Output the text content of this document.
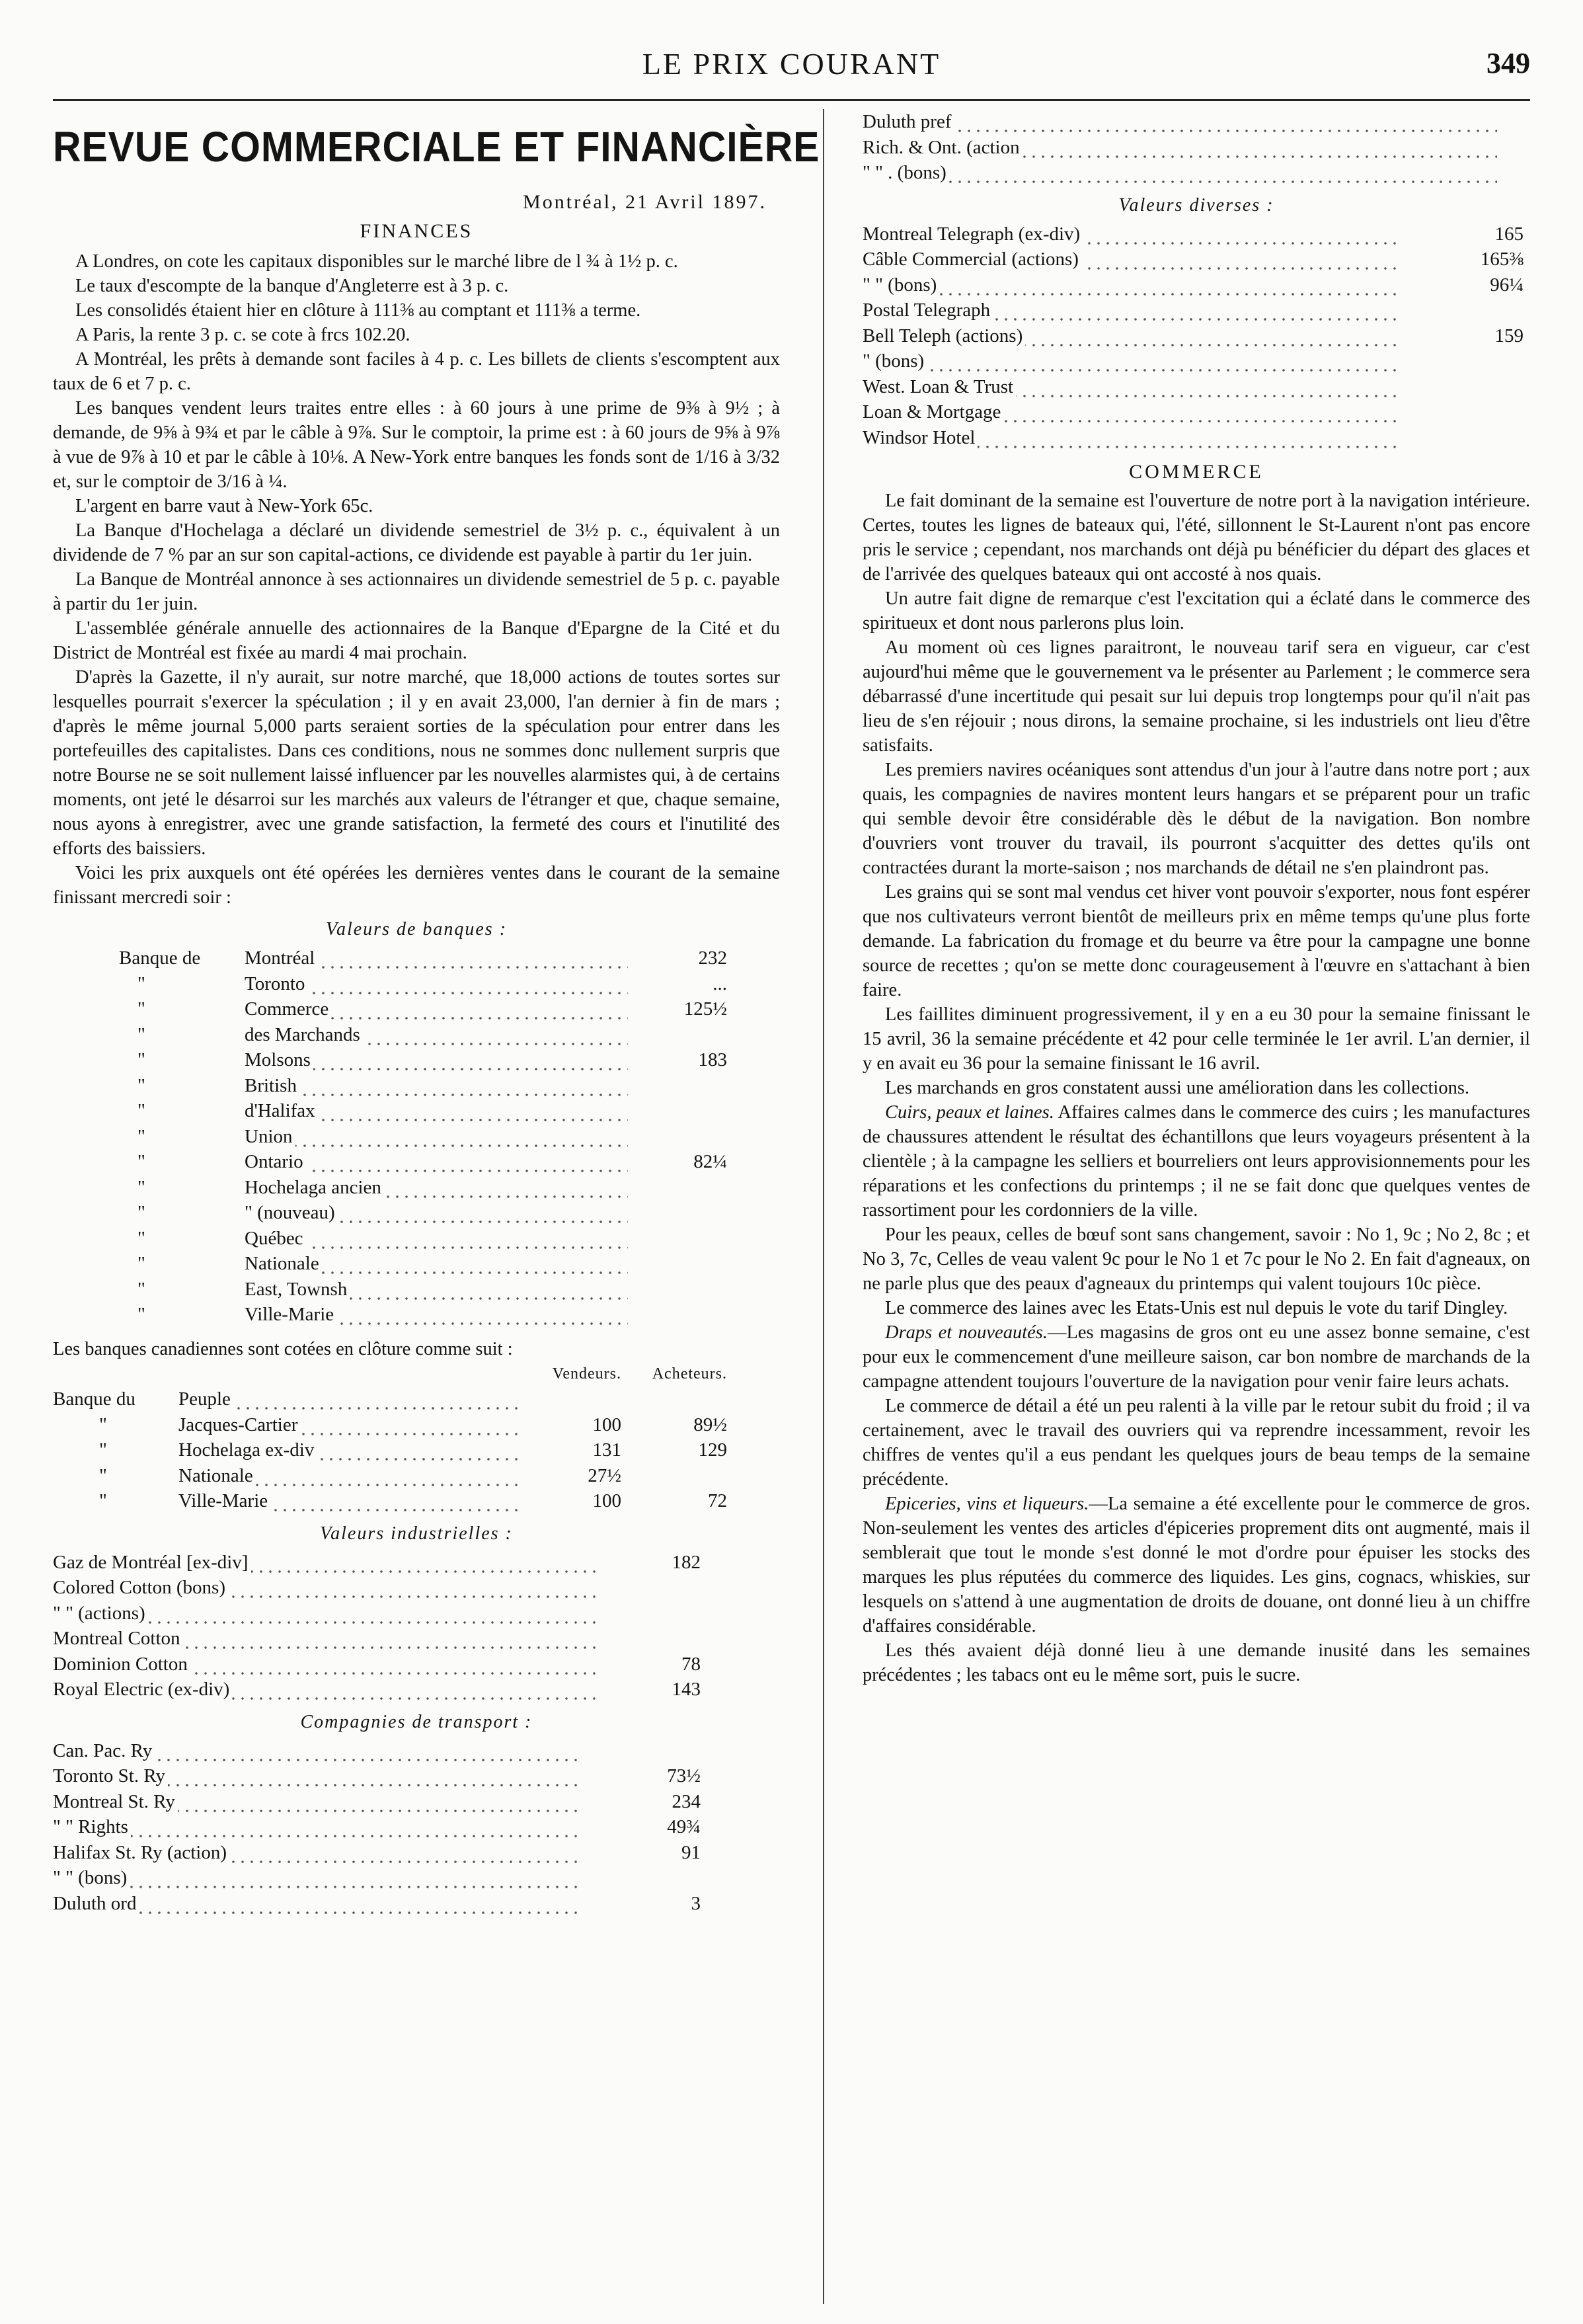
LE PRIX COURANT	349
REVUE COMMERCIALE ET FINANCIÈRE
Montréal, 21 Avril 1897.
FINANCES

A Londres, on cote les capitaux disponibles sur le marché libre de l ¾ à 1½ p. c.

Le taux d'escompte de la banque d'Angleterre est à 3 p. c.

Les consolidés étaient hier en clôture à 111⅜ au comptant et 111⅜ a terme.

A Paris, la rente 3 p. c. se cote à frcs 102.20.

A Montréal, les prêts à demande sont faciles à 4 p. c. Les billets de clients s'escomptent aux taux de 6 et 7 p. c.

Les banques vendent leurs traites entre elles : à 60 jours à une prime de 9⅜ à 9½ ; à demande, de 9⅝ à 9¾ et par le câble à 9⅞. Sur le comptoir, la prime est : à 60 jours de 9⅝ à 9⅞ à vue de 9⅞ à 10 et par le câble à 10⅛. A New-York entre banques les fonds sont de 1/16 à 3/32 et, sur le comptoir de 3/16 à ¼.

L'argent en barre vaut à New-York 65c.

La Banque d'Hochelaga a déclaré un dividende semestriel de 3½ p. c., équivalent à un dividende de 7 % par an sur son capital-actions, ce dividende est payable à partir du 1er juin.

La Banque de Montréal annonce à ses actionnaires un dividende semestriel de 5 p. c. payable à partir du 1er juin.

L'assemblée générale annuelle des actionnaires de la Banque d'Epargne de la Cité et du District de Montréal est fixée au mardi 4 mai prochain.

D'après la Gazette, il n'y aurait, sur notre marché, que 18,000 actions de toutes sortes sur lesquelles pourrait s'exercer la spéculation ; il y en avait 23,000, l'an dernier à fin de mars ; d'après le même journal 5,000 parts seraient sorties de la spéculation pour entrer dans les portefeuilles des capitalistes. Dans ces conditions, nous ne sommes donc nullement surpris que notre Bourse ne se soit nullement laissé influencer par les nouvelles alarmistes qui, à de certains moments, ont jeté le désarroi sur les marchés aux valeurs de l'étranger et que, chaque semaine, nous ayons à enregistrer, avec une grande satisfaction, la fermeté des cours et l'inutilité des efforts des baissiers.

Voici les prix auxquels ont été opérées les dernières ventes dans le courant de la semaine finissant mercredi soir :

Valeurs de banques :
Banque de	Montréal	232
"	Toronto	...
"	Commerce	125½
"	des Marchands	
"	Molsons	183
"	British	
"	d'Halifax	
"	Union	
"	Ontario	82¼
"	Hochelaga ancien	
"	" (nouveau)	
"	Québec	
"	Nationale	
"	East, Townsh	
"	Ville-Marie	

Les banques canadiennes sont cotées en clôture comme suit :

		Vendeurs.	Acheteurs.
Banque du	Peuple		
"	Jacques-Cartier	100	89½
"	Hochelaga ex-div	131	129
"	Nationale	27½	
"	Ville-Marie	100	72
Valeurs industrielles :
Gaz de Montréal [ex-div]	182
Colored Cotton (bons)	
" " (actions)	
Montreal Cotton	
Dominion Cotton	78
Royal Electric (ex-div)	143
Compagnies de transport :
Can. Pac. Ry	
Toronto St. Ry	73½
Montreal St. Ry	234
" " Rights	49¾
Halifax St. Ry (action)	91
" " (bons)	
Duluth ord	3
Duluth pref	
Rich. & Ont. (action	
" " . (bons)	
Valeurs diverses :
Montreal Telegraph (ex-div)	165
Câble Commercial (actions)	165⅜
" " (bons)	96¼
Postal Telegraph	
Bell Teleph (actions)	159
" (bons)	
West. Loan & Trust	
Loan & Mortgage	
Windsor Hotel	
COMMERCE

Le fait dominant de la semaine est l'ouverture de notre port à la navigation intérieure. Certes, toutes les lignes de bateaux qui, l'été, sillonnent le St-Laurent n'ont pas encore pris le service ; cependant, nos marchands ont déjà pu bénéficier du départ des glaces et de l'arrivée des quelques bateaux qui ont accosté à nos quais.

Un autre fait digne de remarque c'est l'excitation qui a éclaté dans le commerce des spiritueux et dont nous parlerons plus loin.

Au moment où ces lignes paraitront, le nouveau tarif sera en vigueur, car c'est aujourd'hui même que le gouvernement va le présenter au Parlement ; le commerce sera débarrassé d'une incertitude qui pesait sur lui depuis trop longtemps pour qu'il n'ait pas lieu de s'en réjouir ; nous dirons, la semaine prochaine, si les industriels ont lieu d'être satisfaits.

Les premiers navires océaniques sont attendus d'un jour à l'autre dans notre port ; aux quais, les compagnies de navires montent leurs hangars et se préparent pour un trafic qui semble devoir être considérable dès le début de la navigation. Bon nombre d'ouvriers vont trouver du travail, ils pourront s'acquitter des dettes qu'ils ont contractées durant la morte-saison ; nos marchands de détail ne s'en plaindront pas.

Les grains qui se sont mal vendus cet hiver vont pouvoir s'exporter, nous font espérer que nos cultivateurs verront bientôt de meilleurs prix en même temps qu'une plus forte demande. La fabrication du fromage et du beurre va être pour la campagne une bonne source de recettes ; qu'on se mette donc courageusement à l'œuvre en s'attachant à bien faire.

Les faillites diminuent progressivement, il y en a eu 30 pour la semaine finissant le 15 avril, 36 la semaine précédente et 42 pour celle terminée le 1er avril. L'an dernier, il y en avait eu 36 pour la semaine finissant le 16 avril.

Les marchands en gros constatent aussi une amélioration dans les collections.

Cuirs, peaux et laines. Affaires calmes dans le commerce des cuirs ; les manufactures de chaussures attendent le résultat des échantillons que leurs voyageurs présentent à la clientèle ; à la campagne les selliers et bourreliers ont leurs approvisionnements pour les réparations et les confections du printemps ; il ne se fait donc que quelques ventes de rassortiment pour les cordonniers de la ville.

Pour les peaux, celles de bœuf sont sans changement, savoir : No 1, 9c ; No 2, 8c ; et No 3, 7c, Celles de veau valent 9c pour le No 1 et 7c pour le No 2. En fait d'agneaux, on ne parle plus que des peaux d'agneaux du printemps qui valent toujours 10c pièce.

Le commerce des laines avec les Etats-Unis est nul depuis le vote du tarif Dingley.

Draps et nouveautés.—Les magasins de gros ont eu une assez bonne semaine, c'est pour eux le commencement d'une meilleure saison, car bon nombre de marchands de la campagne attendent toujours l'ouverture de la navigation pour venir faire leurs achats.

Le commerce de détail a été un peu ralenti à la ville par le retour subit du froid ; il va certainement, avec le travail des ouvriers qui va reprendre incessamment, revoir les chiffres de ventes qu'il a eus pendant les quelques jours de beau temps de la semaine précédente.

Epiceries, vins et liqueurs.—La semaine a été excellente pour le commerce de gros. Non-seulement les ventes des articles d'épiceries proprement dits ont augmenté, mais il semblerait que tout le monde s'est donné le mot d'ordre pour épuiser les stocks des marques les plus réputées du commerce des liquides. Les gins, cognacs, whiskies, sur lesquels on s'attend à une augmentation de droits de douane, ont donné lieu à un chiffre d'affaires considérable.

Les thés avaient déjà donné lieu à une demande inusité dans les semaines précédentes ; les tabacs ont eu le même sort, puis le sucre.
